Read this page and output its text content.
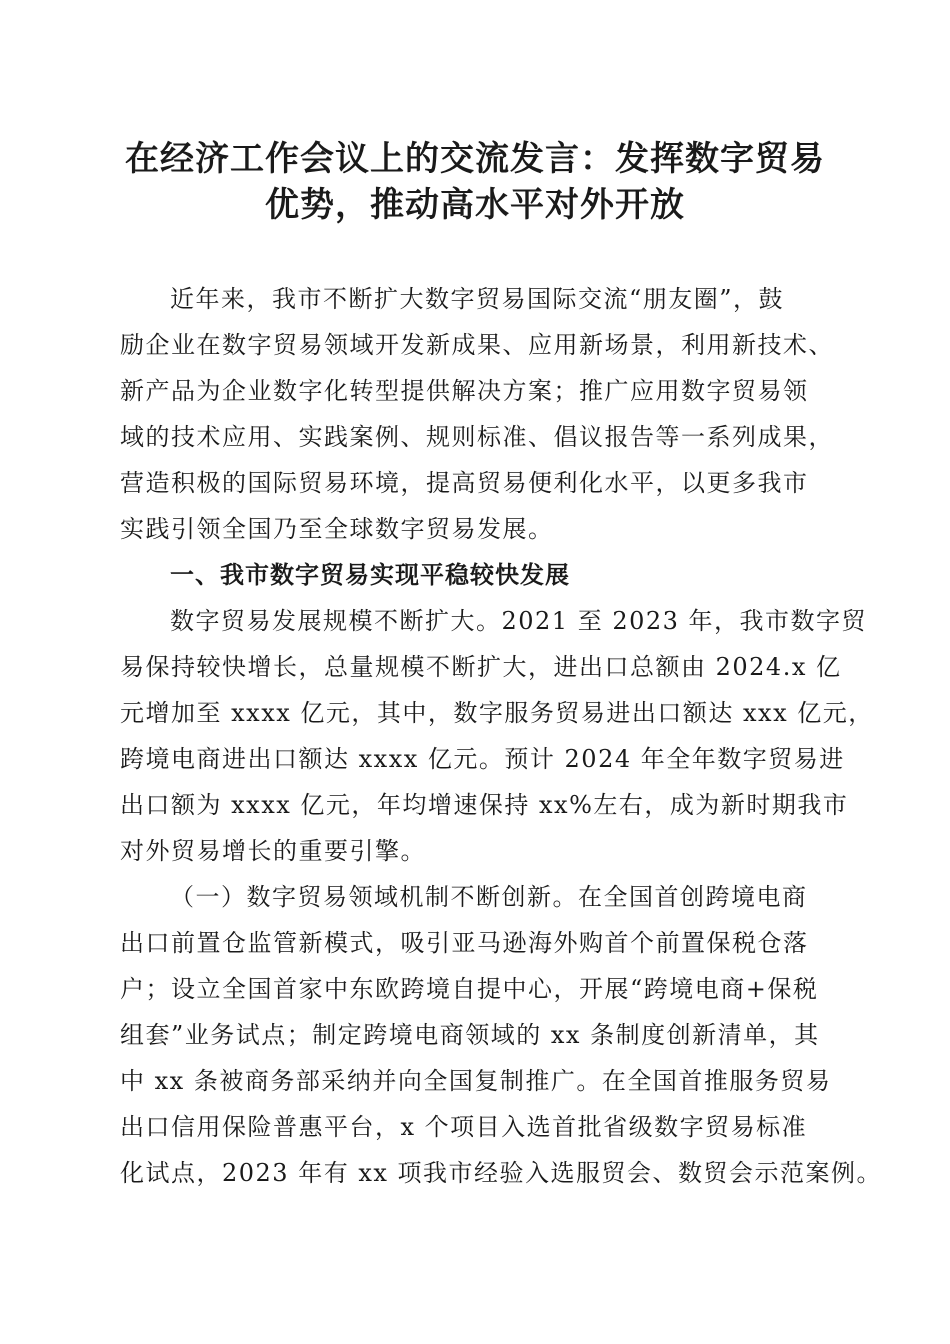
在经济工作会议上的交流发言：发挥数字贸易
优势，推动高水平对外开放
近年来，我市不断扩大数字贸易国际交流“朋友圈”，鼓
励企业在数字贸易领域开发新成果、应用新场景，利用新技术、
新产品为企业数字化转型提供解决方案；推广应用数字贸易领
域的技术应用、实践案例、规则标准、倡议报告等一系列成果，
营造积极的国际贸易环境，提高贸易便利化水平，以更多我市
实践引领全国乃至全球数字贸易发展。
一、我市数字贸易实现平稳较快发展
数字贸易发展规模不断扩大。2021 至 2023 年，我市数字贸
易保持较快增长，总量规模不断扩大，进出口总额由 2024.x 亿
元增加至 xxxx 亿元，其中，数字服务贸易进出口额达 xxx 亿元，
跨境电商进出口额达 xxxx 亿元。预计 2024 年全年数字贸易进
出口额为 xxxx 亿元，年均增速保持 xx%左右，成为新时期我市
对外贸易增长的重要引擎。
（一）数字贸易领域机制不断创新。在全国首创跨境电商
出口前置仓监管新模式，吸引亚马逊海外购首个前置保税仓落
户；设立全国首家中东欧跨境自提中心，开展“跨境电商+保税
组套”业务试点；制定跨境电商领域的 xx 条制度创新清单，其
中 xx 条被商务部采纳并向全国复制推广。在全国首推服务贸易
出口信用保险普惠平台，x 个项目入选首批省级数字贸易标准
化试点，2023 年有 xx 项我市经验入选服贸会、数贸会示范案例。
